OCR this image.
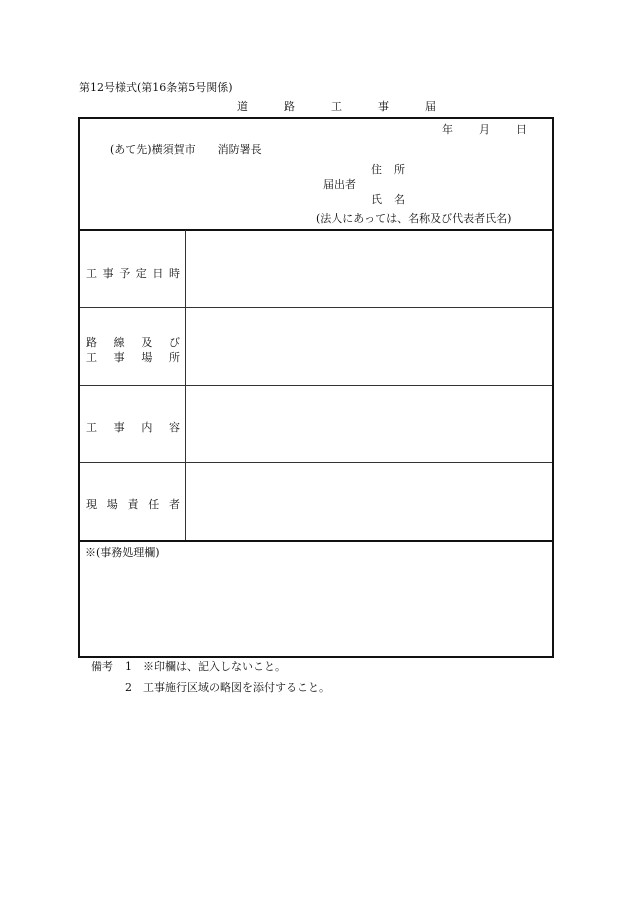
第12号様式(第16条第5号関係)
道	路	工	事	届
年 月 日
(あて先)横須賀市　　消防署長
住 所
届出者
氏 名
(法人にあっては、名称及び代表者氏名)
工 事 予 定 日 時
路 線 及 び
工 事 場 所
工 事 内 容
現 場 責 任 者
※(事務処理欄)
備考 1 ※印欄は、記入しないこと。
2 工事施行区域の略図を添付すること。
